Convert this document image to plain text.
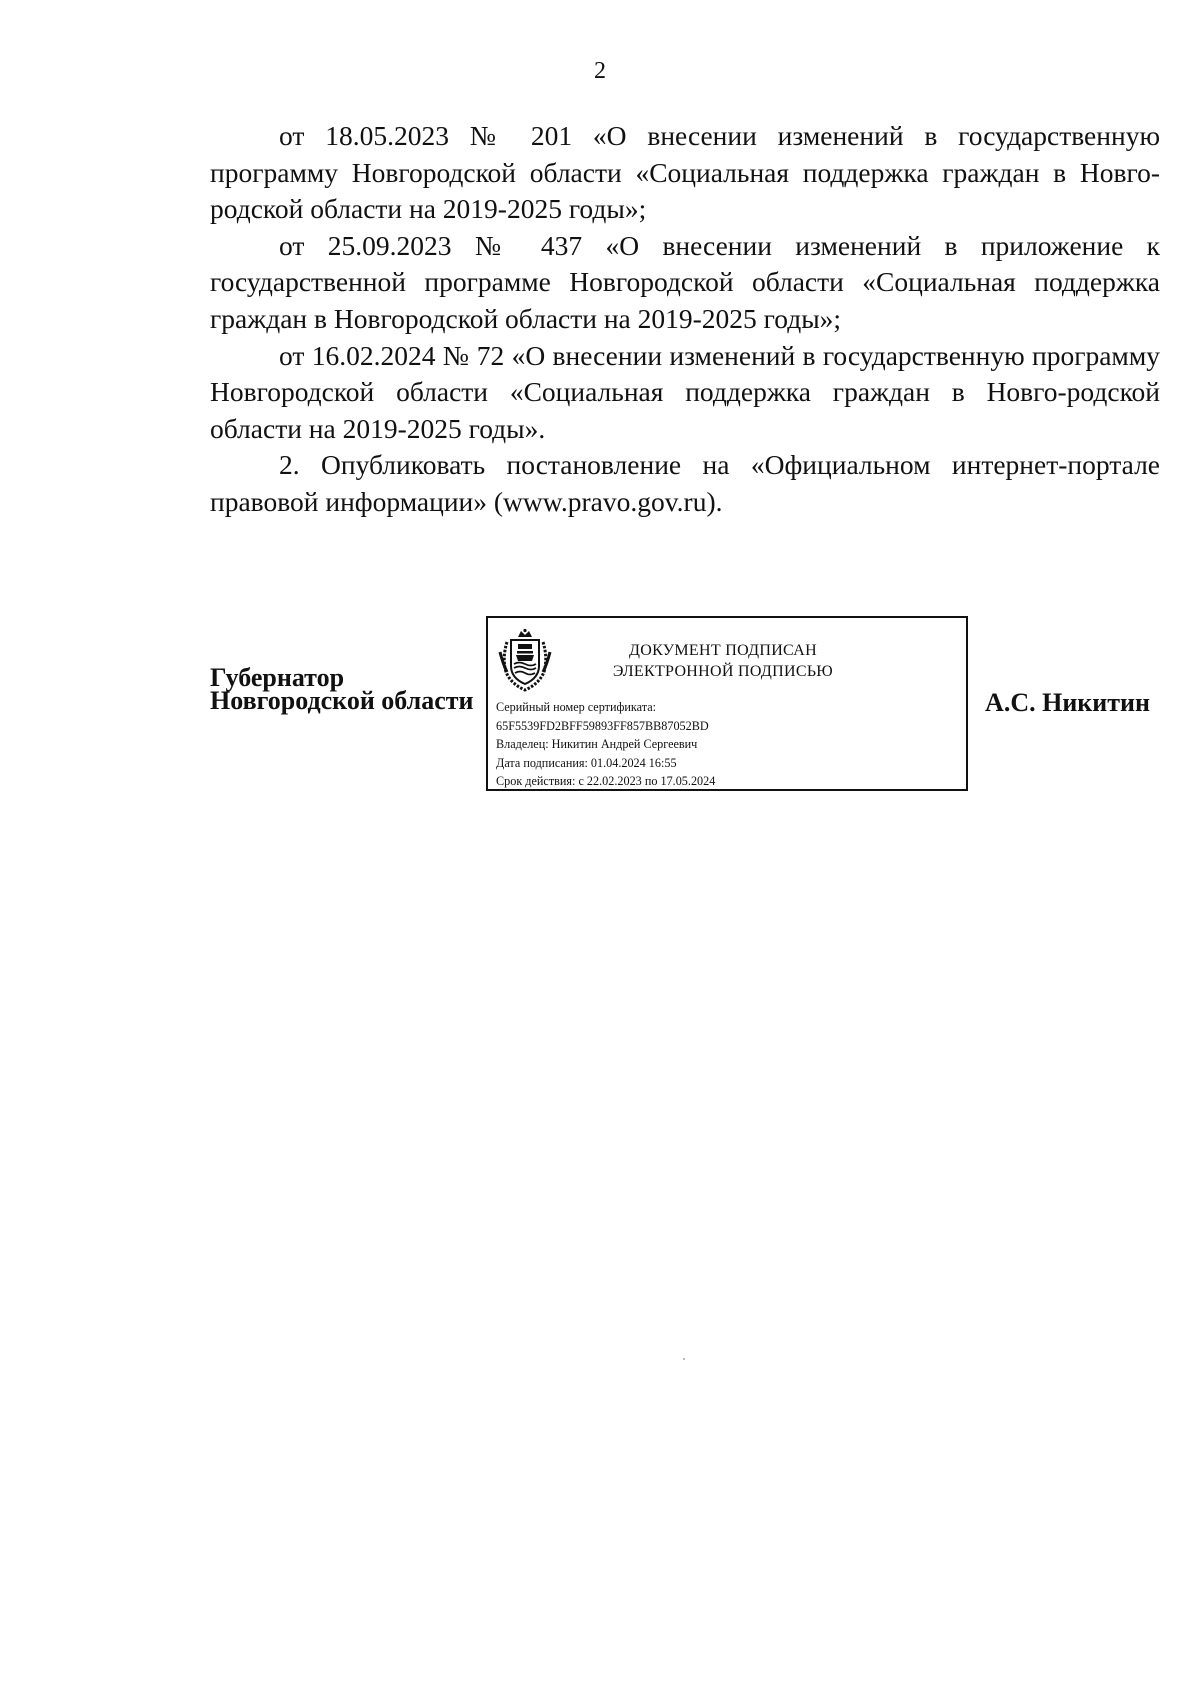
2

от 18.05.2023 № 201 «О внесении изменений в государственную программу Новгородской области «Социальная поддержка граждан в Новго-родской области на 2019-2025 годы»;

от 25.09.2023 № 437 «О внесении изменений в приложение к государственной программе Новгородской области «Социальная поддержка граждан в Новгородской области на 2019-2025 годы»;

от 16.02.2024 № 72 «О внесении изменений в государственную программу Новгородской области «Социальная поддержка граждан в Новго-родской области на 2019-2025 годы».

2. Опубликовать постановление на «Официальном интернет-портале правовой информации» (www.pravo.gov.ru).

Губернатор
Новгородской области
ДОКУМЕНТ ПОДПИСАН
ЭЛЕКТРОННОЙ ПОДПИСЬЮ
Серийный номер сертификата:
65F5539FD2BFF59893FF857BB87052BD
Владелец: Никитин Андрей Сергеевич
Дата подписания: 01.04.2024 16:55
Срок действия: с 22.02.2023 по 17.05.2024
А.С. Никитин
